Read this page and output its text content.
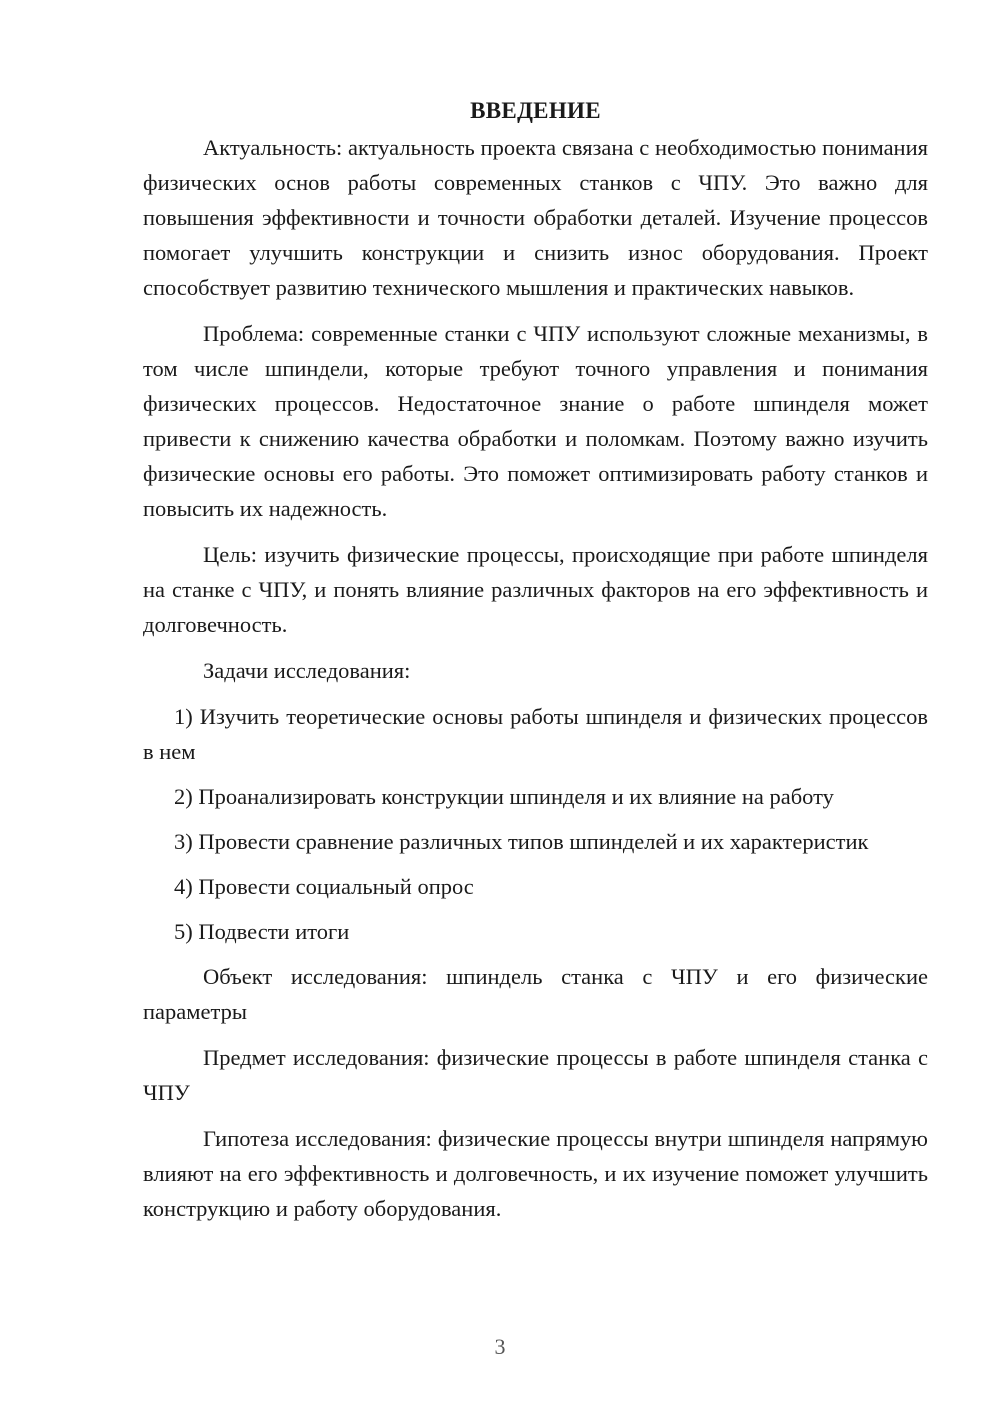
ВВЕДЕНИЕ

Актуальность: актуальность проекта связана с необходимостью понимания физических основ работы современных станков с ЧПУ. Это важно для повышения эффективности и точности обработки деталей. Изучение процессов помогает улучшить конструкции и снизить износ оборудования. Проект способствует развитию технического мышления и практических навыков.

Проблема: современные станки с ЧПУ используют сложные механизмы, в том числе шпиндели, которые требуют точного управления и понимания физических процессов. Недостаточное знание о работе шпинделя может привести к снижению качества обработки и поломкам. Поэтому важно изучить физические основы его работы. Это поможет оптимизировать работу станков и повысить их надежность.

Цель: изучить физические процессы, происходящие при работе шпинделя на станке с ЧПУ, и понять влияние различных факторов на его эффективность и долговечность.

Задачи исследования:

1) Изучить теоретические основы работы шпинделя и физических процессов в нем

2) Проанализировать конструкции шпинделя и их влияние на работу

3) Провести сравнение различных типов шпинделей и их характеристик

4) Провести социальный опрос

5) Подвести итоги

Объект исследования: шпиндель станка с ЧПУ и его физические параметры

Предмет исследования: физические процессы в работе шпинделя станка с ЧПУ

Гипотеза исследования: физические процессы внутри шпинделя напрямую влияют на его эффективность и долговечность, и их изучение поможет улучшить конструкцию и работу оборудования.

3
